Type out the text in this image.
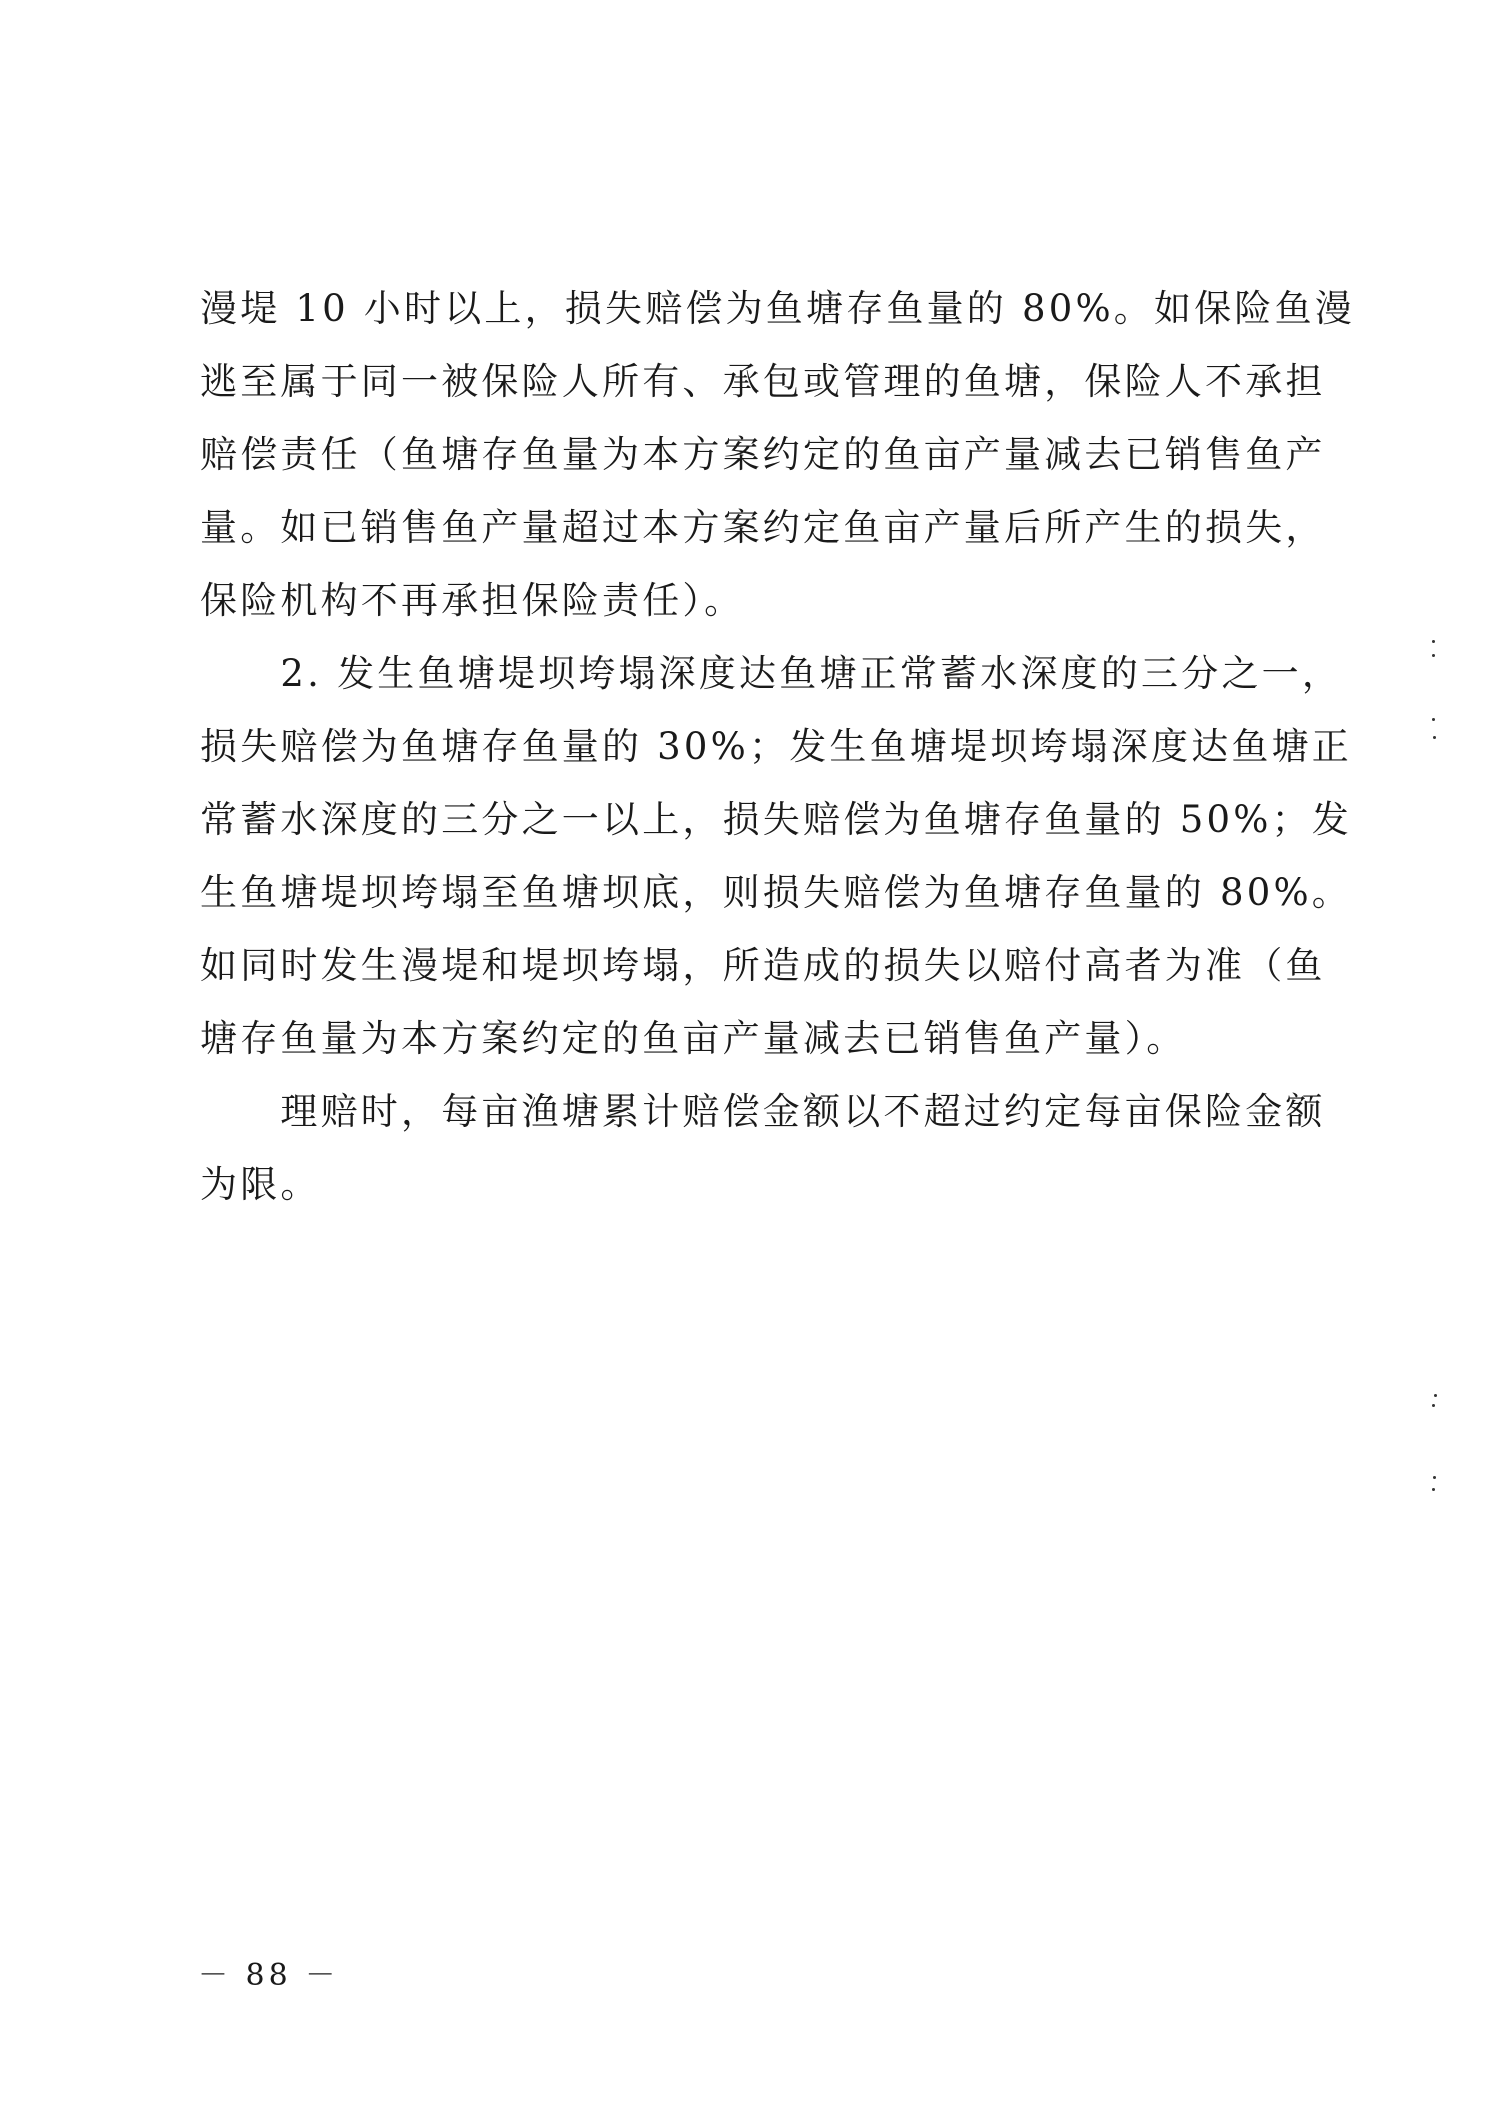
漫堤 10 小时以上，损失赔偿为鱼塘存鱼量的 80%。如保险鱼漫
逃至属于同一被保险人所有、承包或管理的鱼塘，保险人不承担
赔偿责任（鱼塘存鱼量为本方案约定的鱼亩产量减去已销售鱼产
量。如已销售鱼产量超过本方案约定鱼亩产量后所产生的损失，
保险机构不再承担保险责任）。
　　2. 发生鱼塘堤坝垮塌深度达鱼塘正常蓄水深度的三分之一，
损失赔偿为鱼塘存鱼量的 30%；发生鱼塘堤坝垮塌深度达鱼塘正
常蓄水深度的三分之一以上，损失赔偿为鱼塘存鱼量的 50%；发
生鱼塘堤坝垮塌至鱼塘坝底，则损失赔偿为鱼塘存鱼量的 80%。
如同时发生漫堤和堤坝垮塌，所造成的损失以赔付高者为准（鱼
塘存鱼量为本方案约定的鱼亩产量减去已销售鱼产量）。
　　理赔时，每亩渔塘累计赔偿金额以不超过约定每亩保险金额
为限。
－ 88 －
